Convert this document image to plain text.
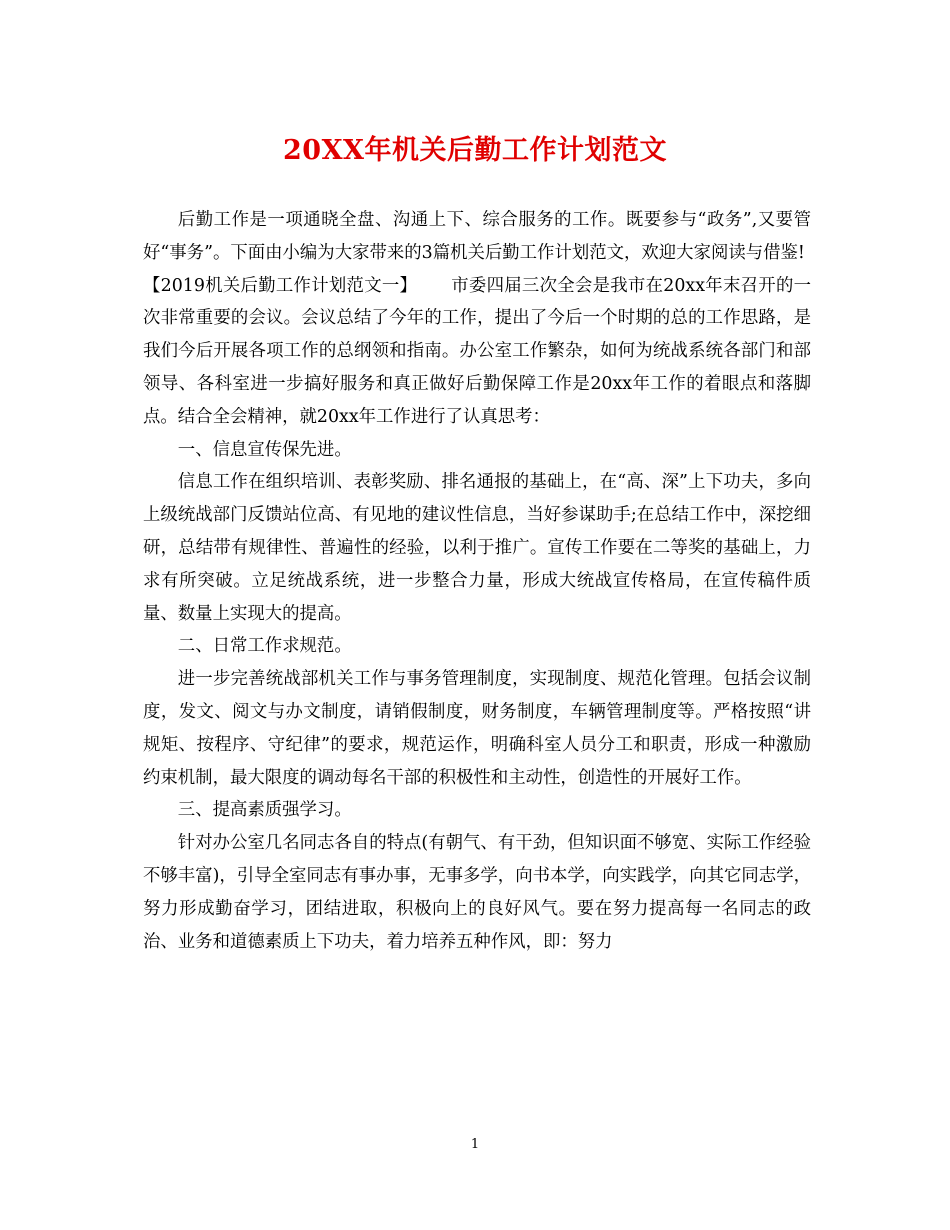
20XX年机关后勤工作计划范文

后勤工作是一项通晓全盘、沟通上下、综合服务的工作。既要参与“政务”,又要管好“事务”。下面由小编为大家带来的3篇机关后勤工作计划范文，欢迎大家阅读与借鉴!

【2019机关后勤工作计划范文一】 市委四届三次全会是我市在20xx年末召开的一次非常重要的会议。会议总结了今年的工作，提出了今后一个时期的总的工作思路，是我们今后开展各项工作的总纲领和指南。办公室工作繁杂，如何为统战系统各部门和部领导、各科室进一步搞好服务和真正做好后勤保障工作是20xx年工作的着眼点和落脚点。结合全会精神，就20xx年工作进行了认真思考：

一、信息宣传保先进。

信息工作在组织培训、表彰奖励、排名通报的基础上，在“高、深”上下功夫，多向上级统战部门反馈站位高、有见地的建议性信息，当好参谋助手;在总结工作中，深挖细研，总结带有规律性、普遍性的经验，以利于推广。宣传工作要在二等奖的基础上，力求有所突破。立足统战系统，进一步整合力量，形成大统战宣传格局，在宣传稿件质量、数量上实现大的提高。

二、日常工作求规范。

进一步完善统战部机关工作与事务管理制度，实现制度、规范化管理。包括会议制度，发文、阅文与办文制度，请销假制度，财务制度，车辆管理制度等。严格按照“讲规矩、按程序、守纪律”的要求，规范运作，明确科室人员分工和职责，形成一种激励约束机制，最大限度的调动每名干部的积极性和主动性，创造性的开展好工作。

三、提高素质强学习。

针对办公室几名同志各自的特点(有朝气、有干劲，但知识面不够宽、实际工作经验不够丰富)，引导全室同志有事办事，无事多学，向书本学，向实践学，向其它同志学，努力形成勤奋学习，团结进取，积极向上的良好风气。要在努力提高每一名同志的政治、业务和道德素质上下功夫，着力培养五种作风，即：努力

1
